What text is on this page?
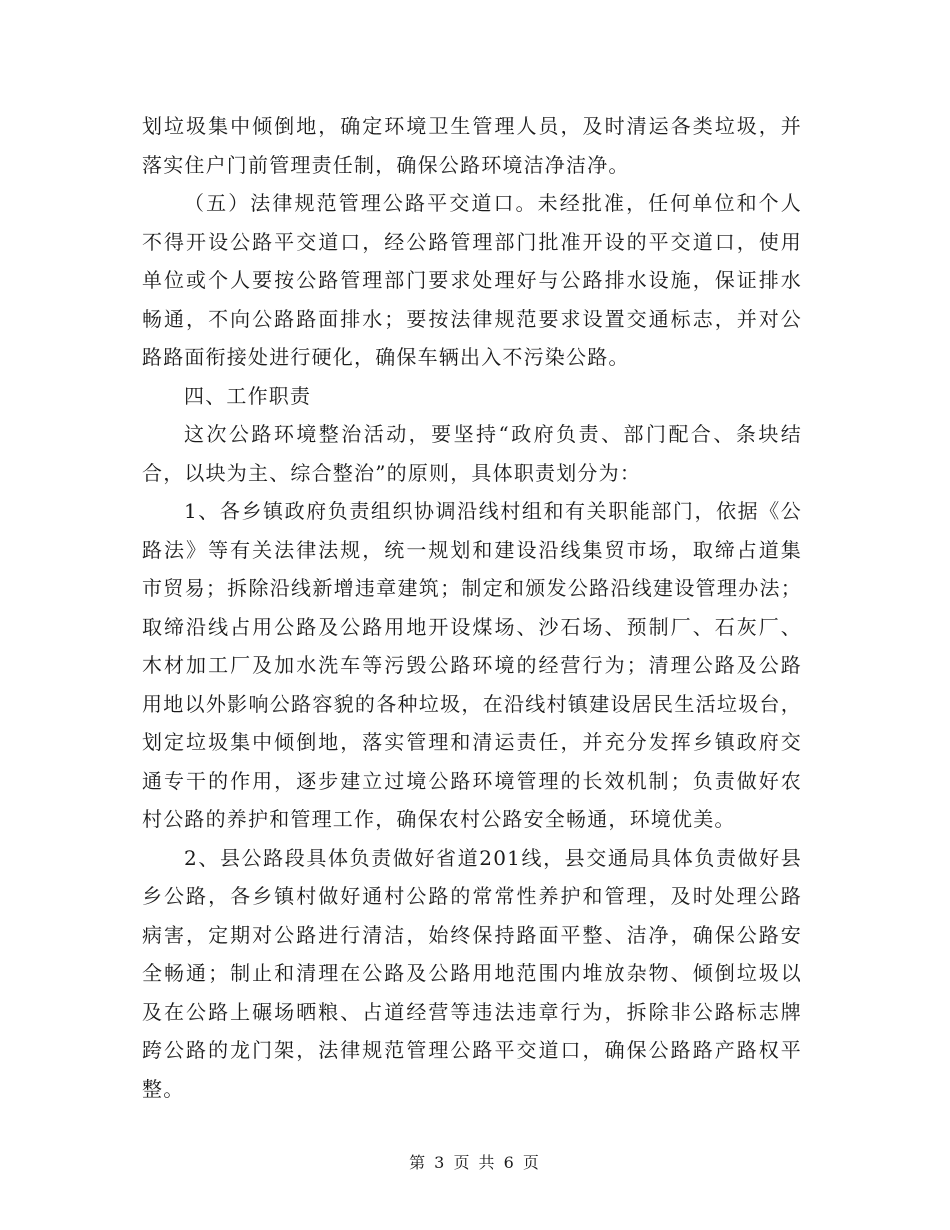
划垃圾集中倾倒地，确定环境卫生管理人员，及时清运各类垃圾，并
落实住户门前管理责任制，确保公路环境洁净洁净。
（五）法律规范管理公路平交道口。未经批准，任何单位和个人
不得开设公路平交道口，经公路管理部门批准开设的平交道口，使用
单位或个人要按公路管理部门要求处理好与公路排水设施，保证排水
畅通，不向公路路面排水；要按法律规范要求设置交通标志，并对公
路路面衔接处进行硬化，确保车辆出入不污染公路。
四、工作职责
这次公路环境整治活动，要坚持“政府负责、部门配合、条块结
合，以块为主、综合整治”的原则，具体职责划分为：
1、各乡镇政府负责组织协调沿线村组和有关职能部门，依据《公
路法》等有关法律法规，统一规划和建设沿线集贸市场，取缔占道集
市贸易；拆除沿线新增违章建筑；制定和颁发公路沿线建设管理办法；
取缔沿线占用公路及公路用地开设煤场、沙石场、预制厂、石灰厂、
木材加工厂及加水洗车等污毁公路环境的经营行为；清理公路及公路
用地以外影响公路容貌的各种垃圾，在沿线村镇建设居民生活垃圾台，
划定垃圾集中倾倒地，落实管理和清运责任，并充分发挥乡镇政府交
通专干的作用，逐步建立过境公路环境管理的长效机制；负责做好农
村公路的养护和管理工作，确保农村公路安全畅通，环境优美。
2、县公路段具体负责做好省道201线，县交通局具体负责做好县
乡公路，各乡镇村做好通村公路的常常性养护和管理，及时处理公路
病害，定期对公路进行清洁，始终保持路面平整、洁净，确保公路安
全畅通；制止和清理在公路及公路用地范围内堆放杂物、倾倒垃圾以
及在公路上碾场晒粮、占道经营等违法违章行为，拆除非公路标志牌
跨公路的龙门架，法律规范管理公路平交道口，确保公路路产路权平
整。
第 3 页 共 6 页
